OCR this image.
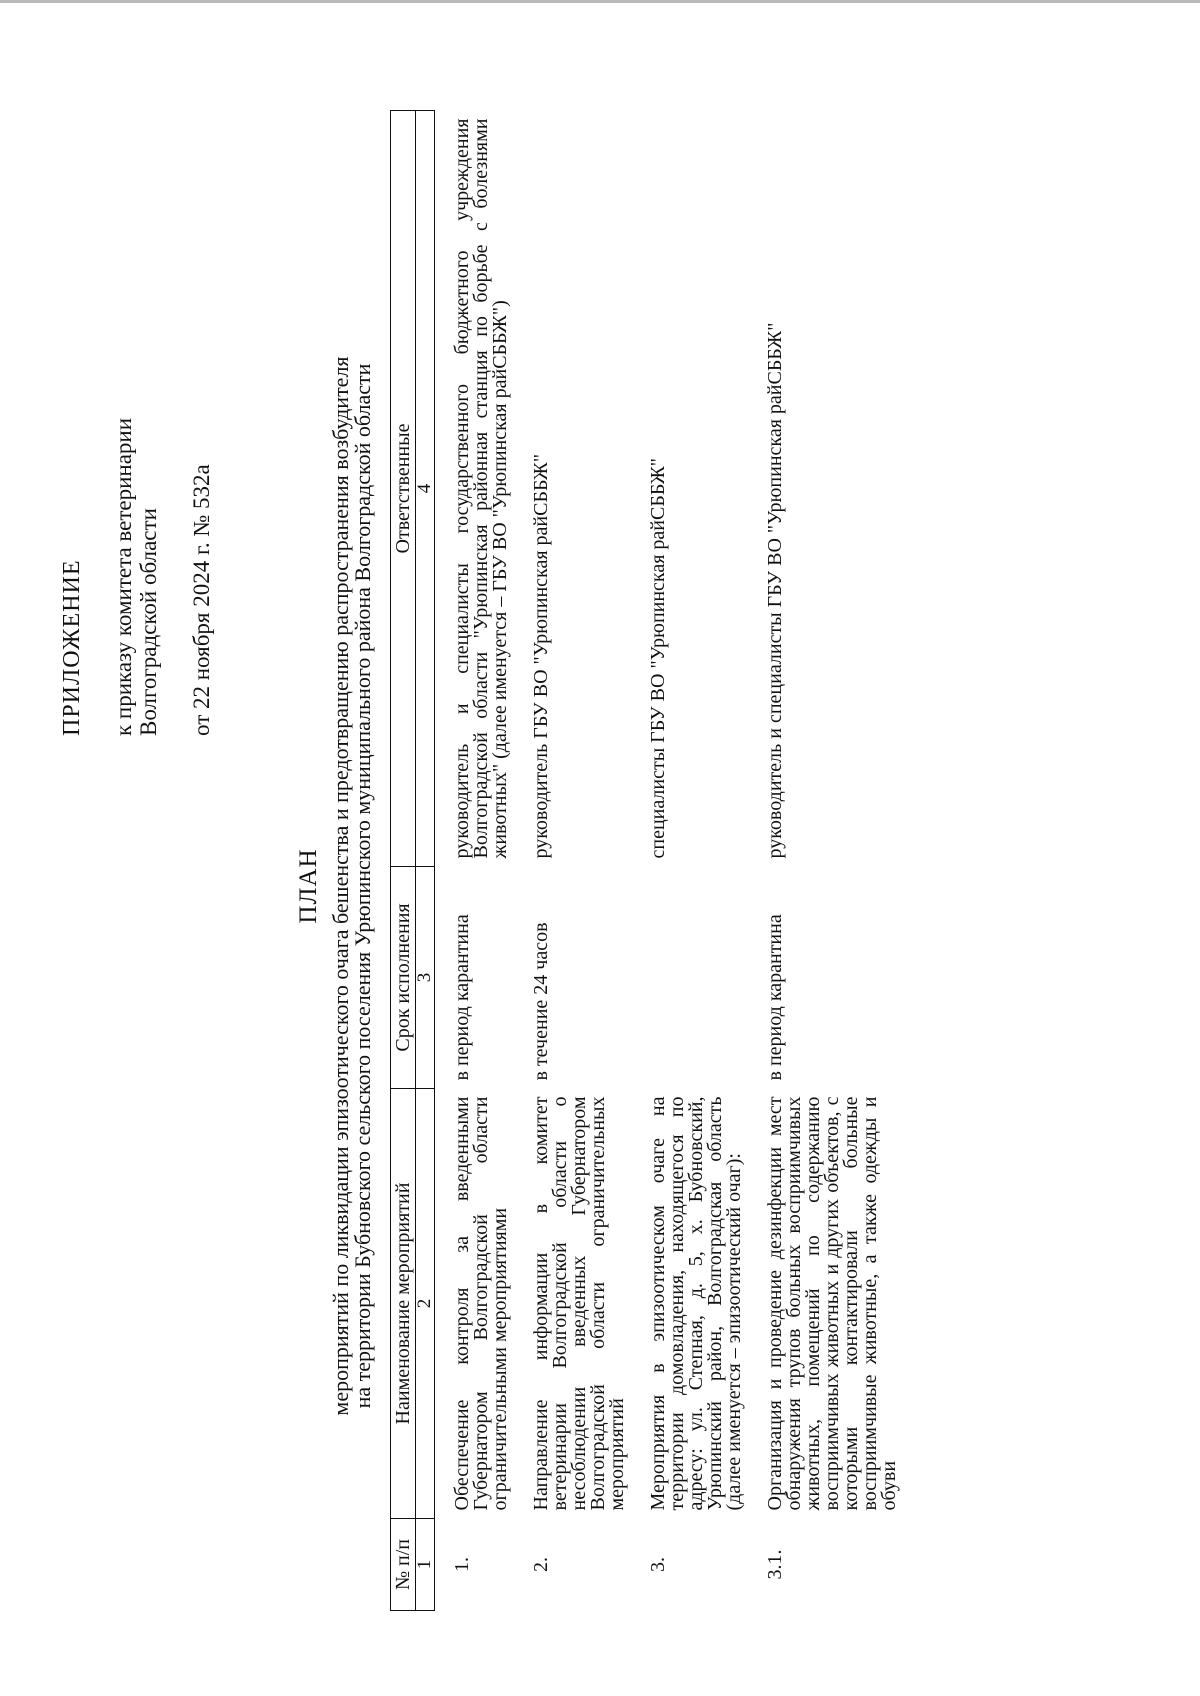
ПРИЛОЖЕНИЕ к приказу комитета ветеринарии Волгоградской области от 22 ноября 2024 г. № 532а
ПЛАН мероприятий по ликвидации эпизоотического очага бешенства и предотвращению распространения возбудителя
на территории Бубновского сельского поселения Урюпинского муниципального района Волгоградской области
№ п/п	Наименование мероприятий	Срок исполнения	Ответственные
1	2	3	4

1.	Обеспечение контроля за введенными Губернатором Волгоградской области ограничительными мероприятиями	в период карантина	руководитель и специалисты государственного бюджетного учреждения Волгоградской области "Урюпинская районная станция по борьбе с болезнями животных" (далее именуется – ГБУ ВО "Урюпинская райСББЖ")
2.	Направление информации в комитет ветеринарии Волгоградской области о несоблюдении введенных Губернатором Волгоградской области ограничительных мероприятий	в течение 24 часов	руководитель ГБУ ВО "Урюпинская райСББЖ"
3.	Мероприятия в эпизоотическом очаге на территории домовладения, находящегося по адресу: ул. Степная, д. 5, х. Бубновский, Урюпинский район, Волгоградская область (далее именуется – эпизоотический очаг):		специалисты ГБУ ВО "Урюпинская райСББЖ"
3.1.	Организация и проведение дезинфекции мест обнаружения трупов больных восприимчивых животных, помещений по содержанию восприимчивых животных и других объектов, с которыми контактировали больные восприимчивые животные, а также одежды и обуви	в период карантина	руководитель и специалисты ГБУ ВО "Урюпинская райСББЖ"
